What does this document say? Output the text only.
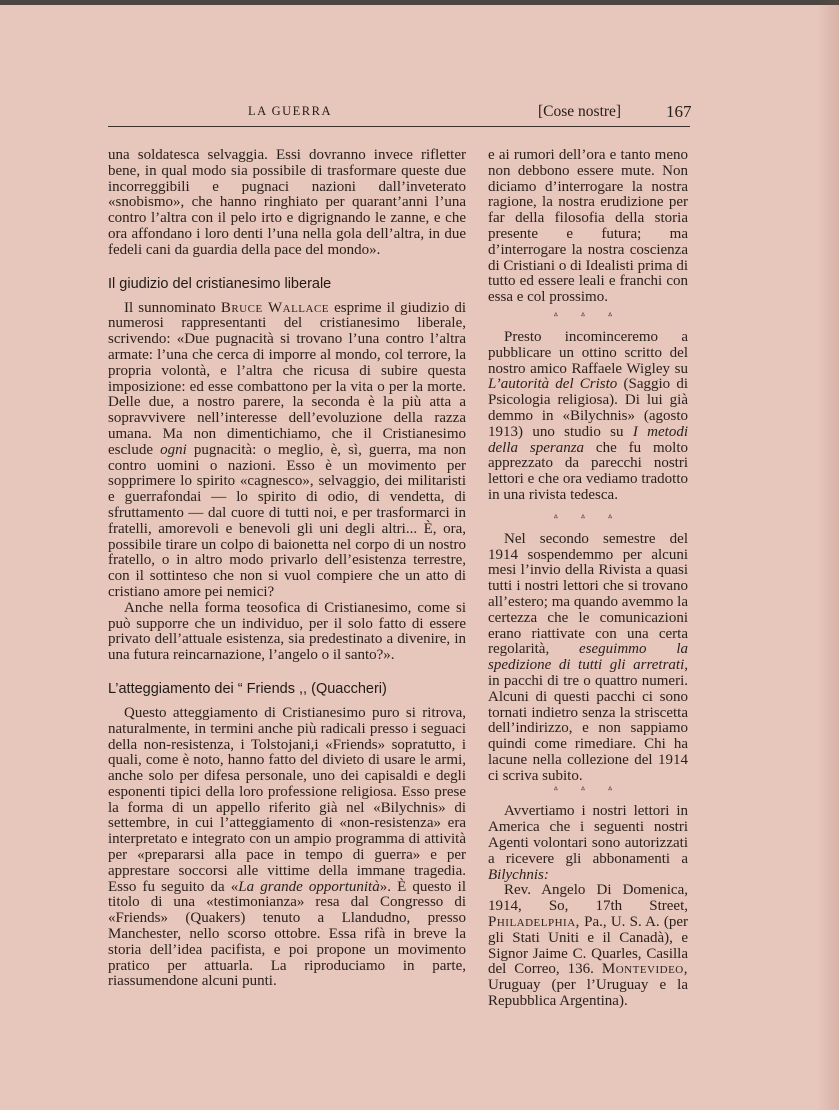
LA GUERRA	[Cose nostre]	167

una soldatesca selvaggia. Essi dovranno invece rifletter bene, in qual modo sia possibile di trasformare queste due incorreggibili e pugnaci nazioni dall’inveterato «snobismo», che hanno ringhiato per quarant’anni l’una contro l’altra con il pelo irto e digrignando le zanne, e che ora affondano i loro denti l’una nella gola dell’altra, in due fedeli cani da guardia della pace del mondo».

Il giudizio del cristianesimo liberale

Il sunnominato Bruce Wallace esprime il giudizio di numerosi rappresentanti del cristianesimo liberale, scrivendo: «Due pugnacità si trovano l’una contro l’altra armate: l’una che cerca di imporre al mondo, col terrore, la propria volontà, e l’altra che ricusa di subire questa imposizione: ed esse combattono per la vita o per la morte. Delle due, a nostro parere, la seconda è la più atta a sopravvivere nell’interesse dell’evoluzione della razza umana. Ma non dimentichiamo, che il Cristianesimo esclude ogni pugnacità: o meglio, è, sì, guerra, ma non contro uomini o nazioni. Esso è un movimento per sopprimere lo spirito «cagnesco», selvaggio, dei militaristi e guerrafondai — lo spirito di odio, di vendetta, di sfruttamento — dal cuore di tutti noi, e per trasformarci in fratelli, amorevoli e benevoli gli uni degli altri... È, ora, possibile tirare un colpo di baionetta nel corpo di un nostro fratello, o in altro modo privarlo dell’esistenza terrestre, con il sottinteso che non si vuol compiere che un atto di cristiano amore pei nemici?

Anche nella forma teosofica di Cristianesimo, come si può supporre che un individuo, per il solo fatto di essere privato dell’attuale esistenza, sia predestinato a divenire, in una futura reincarnazione, l’angelo o il santo?».

L’atteggiamento dei “ Friends ,, (Quaccheri)

Questo atteggiamento di Cristianesimo puro si ritrova, naturalmente, in termini anche più radicali presso i seguaci della non-resistenza, i Tolstojani,i «Friends» sopratutto, i quali, come è noto, hanno fatto del divieto di usare le armi, anche solo per difesa personale, uno dei capisaldi e degli esponenti tipici della loro professione religiosa. Esso prese la forma di un appello riferito già nel «Bilychnis» di settembre, in cui l’atteggiamento di «non-resistenza» era interpretato e integrato con un ampio programma di attività per «prepararsi alla pace in tempo di guerra» e per apprestare soccorsi alle vittime della immane tragedia. Esso fu seguito da «La grande opportunità». È questo il titolo di una «testimonianza» resa dal Congresso di «Friends» (Quakers) tenuto a Llandudno, presso Manchester, nello scorso ottobre. Essa rifà in breve la storia dell’idea pacifista, e poi propone un movimento pratico per attuarla. La riproduciamo in parte, riassumendone alcuni punti.

e ai rumori dell’ora e tanto meno non debbono essere mute. Non diciamo d’interrogare la nostra ragione, la nostra erudizione per far della filosofia della storia presente e futura; ma d’interrogare la nostra coscienza di Cristiani o di Idealisti prima di tutto ed essere leali e franchi con essa e col prossimo.

ᐞ ᐞ ᐞ

Presto incominceremo a pubblicare un ottino scritto del nostro amico Raffaele Wigley su L’autorità del Cristo (Saggio di Psicologia religiosa). Di lui già demmo in «Bilychnis» (agosto 1913) uno studio su I metodi della speranza che fu molto apprezzato da parecchi nostri lettori e che ora vediamo tradotto in una rivista tedesca.

ᐞ ᐞ ᐞ

Nel secondo semestre del 1914 sospendemmo per alcuni mesi l’invio della Rivista a quasi tutti i nostri lettori che si trovano all’estero; ma quando avemmo la certezza che le comunicazioni erano riattivate con una certa regolarità, eseguimmo la spedizione di tutti gli arretrati, in pacchi di tre o quattro numeri. Alcuni di questi pacchi ci sono tornati indietro senza la striscetta dell’indirizzo, e non sappiamo quindi come rimediare. Chi ha lacune nella collezione del 1914 ci scriva subito.

ᐞ ᐞ ᐞ

Avvertiamo i nostri lettori in America che i seguenti nostri Agenti volontari sono autorizzati a ricevere gli abbonamenti a Bilychnis:

Rev. Angelo Di Domenica, 1914, So, 17th Street, Philadelphia, Pa., U. S. A. (per gli Stati Uniti e il Canadà), e Signor Jaime C. Quarles, Casilla del Correo, 136. Montevideo, Uruguay (per l’Uruguay e la Repubblica Argentina).
